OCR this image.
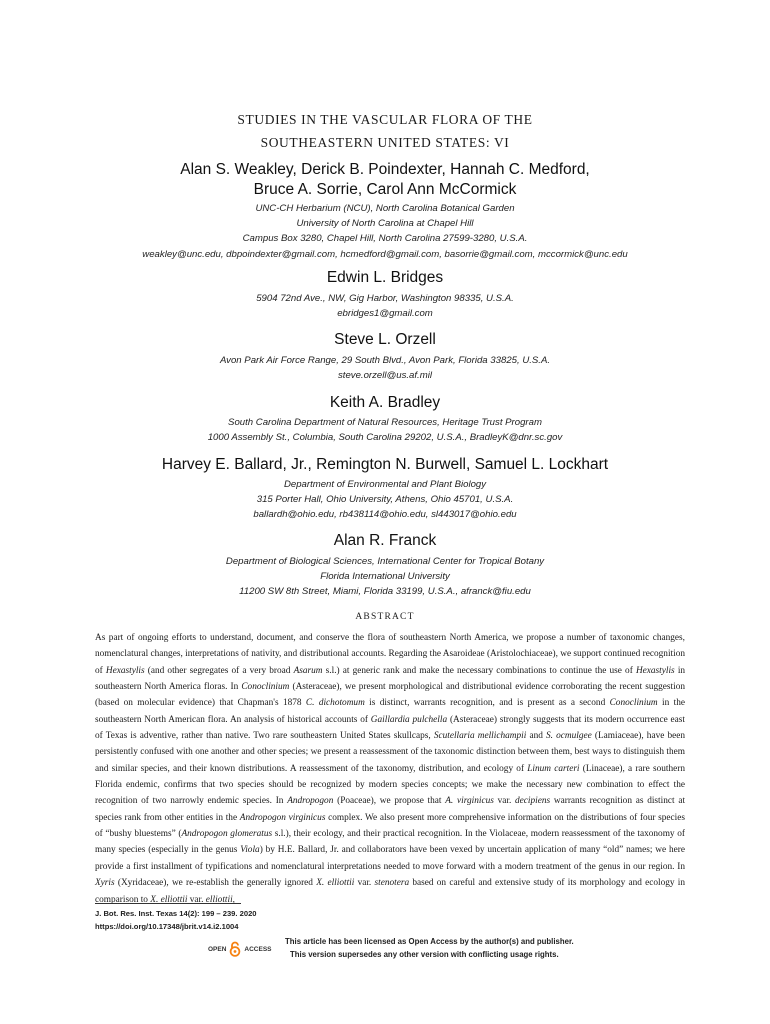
STUDIES IN THE VASCULAR FLORA OF THE
SOUTHEASTERN UNITED STATES: VI
Alan S. Weakley, Derick B. Poindexter, Hannah C. Medford,
Bruce A. Sorrie, Carol Ann McCormick
UNC-CH Herbarium (NCU), North Carolina Botanical Garden
University of North Carolina at Chapel Hill
Campus Box 3280, Chapel Hill, North Carolina 27599-3280, U.S.A.
weakley@unc.edu, dbpoindexter@gmail.com, hcmedford@gmail.com, basorrie@gmail.com, mccormick@unc.edu
Edwin L. Bridges
5904 72nd Ave., NW, Gig Harbor, Washington 98335, U.S.A.
ebridges1@gmail.com
Steve L. Orzell
Avon Park Air Force Range, 29 South Blvd., Avon Park, Florida 33825, U.S.A.
steve.orzell@us.af.mil
Keith A. Bradley
South Carolina Department of Natural Resources, Heritage Trust Program
1000 Assembly St., Columbia, South Carolina 29202, U.S.A., BradleyK@dnr.sc.gov
Harvey E. Ballard, Jr., Remington N. Burwell, Samuel L. Lockhart
Department of Environmental and Plant Biology
315 Porter Hall, Ohio University, Athens, Ohio 45701, U.S.A.
ballardh@ohio.edu, rb438114@ohio.edu, sl443017@ohio.edu
Alan R. Franck
Department of Biological Sciences, International Center for Tropical Botany
Florida International University
11200 SW 8th Street, Miami, Florida 33199, U.S.A., afranck@fiu.edu
ABSTRACT
As part of ongoing efforts to understand, document, and conserve the flora of southeastern North America, we propose a number of taxonomic changes, nomenclatural changes, interpretations of nativity, and distributional accounts. Regarding the Asaroideae (Aristolochiaceae), we support continued recognition of Hexastylis (and other segregates of a very broad Asarum s.l.) at generic rank and make the necessary combinations to continue the use of Hexastylis in southeastern North America floras. In Conoclinium (Asteraceae), we present morphological and distributional evidence corroborating the recent suggestion (based on molecular evidence) that Chapman's 1878 C. dichotomum is distinct, warrants recognition, and is present as a second Conoclinium in the southeastern North American flora. An analysis of historical accounts of Gaillardia pulchella (Asteraceae) strongly suggests that its modern occurrence east of Texas is adventive, rather than native. Two rare southeastern United States skullcaps, Scutellaria mellichampii and S. ocmulgee (Lamiaceae), have been persistently confused with one another and other species; we present a reassessment of the taxonomic distinction between them, best ways to distinguish them and similar species, and their known distributions. A reassessment of the taxonomy, distribution, and ecology of Linum carteri (Linaceae), a rare southern Florida endemic, confirms that two species should be recognized by modern species concepts; we make the necessary new combination to effect the recognition of two narrowly endemic species. In Andropogon (Poaceae), we propose that A. virginicus var. decipiens warrants recognition as distinct at species rank from other entities in the Andropogon virginicus complex. We also present more comprehensive information on the distributions of four species of “bushy bluestems” (Andropogon glomeratus s.l.), their ecology, and their practical recognition. In the Violaceae, modern reassessment of the taxonomy of many species (especially in the genus Viola) by H.E. Ballard, Jr. and collaborators have been vexed by uncertain application of many “old” names; we here provide a first installment of typifications and nomenclatural interpretations needed to move forward with a modern treatment of the genus in our region. In Xyris (Xyridaceae), we re-establish the generally ignored X. elliottii var. stenotera based on careful and extensive study of its morphology and ecology in comparison to X. elliottii var. elliottii,
J. Bot. Res. Inst. Texas 14(2): 199 – 239. 2020
https://doi.org/10.17348/jbrit.v14.i2.1004
OPEN	ACCESS
This article has been licensed as Open Access by the author(s) and publisher.
This version supersedes any other version with conflicting usage rights.
